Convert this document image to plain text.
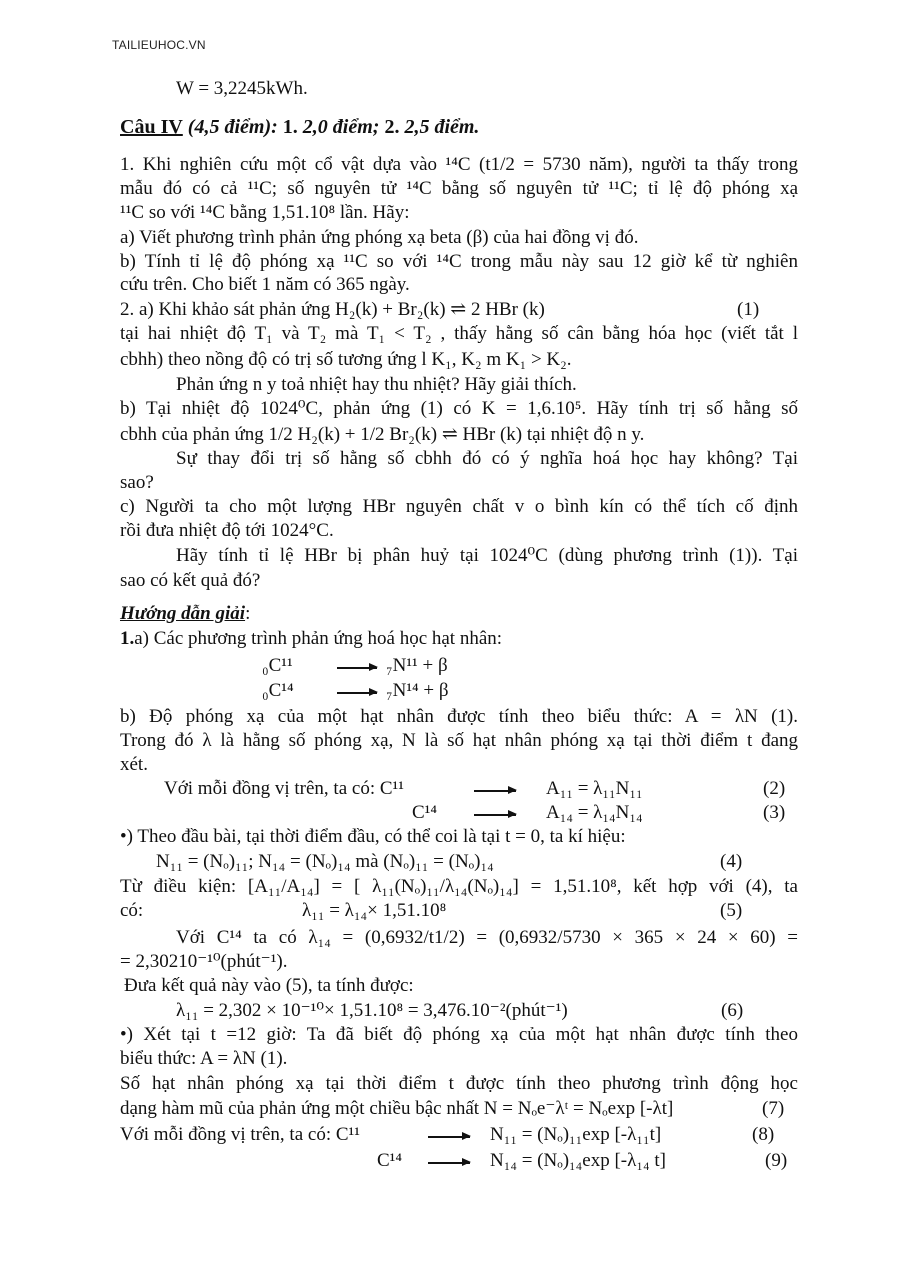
TAILIEUHOC.VN
W = 3,2245kWh.
Câu IV (4,5 điểm): 1. 2,0 điểm; 2. 2,5 điểm.
1. Khi nghiên cứu một cổ vật dựa vào ¹⁴C (t1/2 = 5730 năm), người ta thấy trong
mẫu đó có cả ¹¹C; số nguyên tử ¹⁴C bằng số nguyên tử ¹¹C; tỉ lệ độ phóng xạ
¹¹C so với ¹⁴C bằng 1,51.10⁸ lần. Hãy:
a) Viết phương trình phản ứng phóng xạ beta (β) của hai đồng vị đó.
b) Tính tỉ lệ độ phóng xạ ¹¹C so với ¹⁴C trong mẫu này sau 12 giờ kể từ nghiên
cứu trên. Cho biết 1 năm có 365 ngày.
2. a) Khi khảo sát phản ứng H₂(k) + Br₂(k) ⇌ 2 HBr (k)	(1)
tại hai nhiệt độ T₁ và T₂ mà T₁ < T₂ , thấy hằng số cân bằng hóa học (viết tắt l
cbhh) theo nồng độ có trị số tương ứng l K₁, K₂ m K₁ > K₂.
Phản ứng n y toả nhiệt hay thu nhiệt? Hãy giải thích.
b) Tại nhiệt độ 1024⁰C, phản ứng (1) có K = 1,6.10⁵. Hãy tính trị số hằng số
cbhh của phản ứng 1/2 H₂(k) + 1/2 Br₂(k) ⇌ HBr (k) tại nhiệt độ n y.
Sự thay đổi trị số hằng số cbhh đó có ý nghĩa hoá học hay không? Tại
sao?
c) Người ta cho một lượng HBr nguyên chất v o bình kín có thể tích cố định
rồi đưa nhiệt độ tới 1024°C.
Hãy tính tỉ lệ HBr bị phân huỷ tại 1024⁰C (dùng phương trình (1)). Tại
sao có kết quả đó?
Hướng dẫn giải:
1.a) Các phương trình phản ứng hoá học hạt nhân:
₀C¹¹	₇N¹¹ + β
₀C¹⁴	₇N¹⁴ + β
b) Độ phóng xạ của một hạt nhân được tính theo biểu thức: A = λN (1).
Trong đó λ là hằng số phóng xạ, N là số hạt nhân phóng xạ tại thời điểm t đang
xét.
Với mỗi đồng vị trên, ta có: C¹¹	A₁₁ = λ₁₁N₁₁	(2)
C¹⁴	A₁₄ = λ₁₄N₁₄	(3)
•) Theo đầu bài, tại thời điểm đầu, có thể coi là tại t = 0, ta kí hiệu:
N₁₁ = (Nₒ)₁₁; N₁₄ = (Nₒ)₁₄ mà (Nₒ)₁₁ = (Nₒ)₁₄	(4)
Từ điều kiện: [A₁₁/A₁₄] = [ λ₁₁(Nₒ)₁₁/λ₁₄(Nₒ)₁₄] = 1,51.10⁸, kết hợp với (4), ta
có:	λ₁₁ = λ₁₄× 1,51.10⁸	(5)
Với C¹⁴ ta có λ₁₄ = (0,6932/t1/2) = (0,6932/5730 × 365 × 24 × 60) =
= 2,30210⁻¹⁰(phút⁻¹).
Đưa kết quả này vào (5), ta tính được:
λ₁₁ = 2,302 × 10⁻¹⁰× 1,51.10⁸ = 3,476.10⁻²(phút⁻¹)	(6)
•) Xét tại t =12 giờ: Ta đã biết độ phóng xạ của một hạt nhân được tính theo
biểu thức: A = λN (1).
Số hạt nhân phóng xạ tại thời điểm t được tính theo phương trình động học
dạng hàm mũ của phản ứng một chiều bậc nhất N = Nₒe⁻λᵗ = Nₒexp [-λt]	(7)
Với mỗi đồng vị trên, ta có: C¹¹	N₁₁ = (Nₒ)₁₁exp [-λ₁₁t]	(8)
C¹⁴	N₁₄ = (Nₒ)₁₄exp [-λ₁₄ t]	(9)
